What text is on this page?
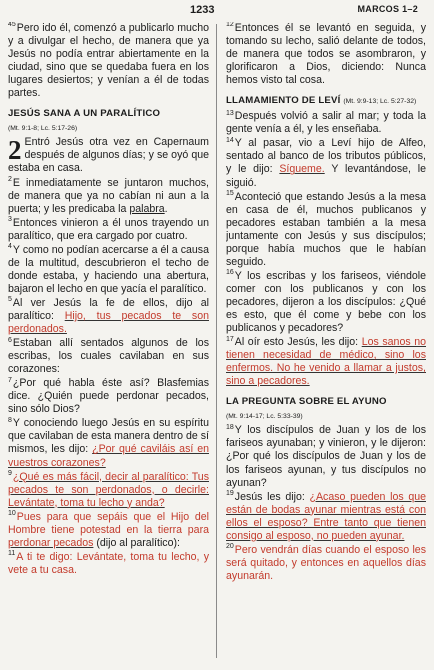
1233	MARCOS 1–2

$^{45}$Pero ido él, comenzó a publicarlo mucho y a divulgar el hecho, de manera que ya Jesús no podía entrar abiertamente en la ciudad, sino que se quedaba fuera en los lugares desiertos; y venían a él de todas partes.

JESÚS SANA A UN PARALÍTICO
(Mt. 9:1-8; Lc. 5:17-26)

2 Entró Jesús otra vez en Capernaum después de algunos días; y se oyó que estaba en casa.

$^2$E inmediatamente se juntaron muchos, de manera que ya no cabían ni aun a la puerta; y les predicaba la palabra.

$^3$Entonces vinieron a él unos trayendo un paralítico, que era cargado por cuatro.

$^4$Y como no podían acercarse a él a causa de la multitud, descubrieron el techo de donde estaba, y haciendo una abertura, bajaron el lecho en que yacía el paralítico.

$^5$Al ver Jesús la fe de ellos, dijo al paralítico: Hijo, tus pecados te son perdonados.

$^6$Estaban allí sentados algunos de los escribas, los cuales cavilaban en sus corazones:

$^7$¿Por qué habla éste así? Blasfemias dice. ¿Quién puede perdonar pecados, sino sólo Dios?

$^8$Y conociendo luego Jesús en su espíritu que cavilaban de esta manera dentro de sí mismos, les dijo: ¿Por qué caviláis así en vuestros corazones?

$^9$¿Qué es más fácil, decir al paralítico: Tus pecados te son perdonados, o decirle: Levántate, toma tu lecho y anda?

$^{10}$Pues para que sepáis que el Hijo del Hombre tiene potestad en la tierra para perdonar pecados (dijo al paralítico):

$^{11}$A ti te digo: Levántate, toma tu lecho, y vete a tu casa.

$^{12}$Entonces él se levantó en seguida, y tomando su lecho, salió delante de todos, de manera que todos se asombraron, y glorificaron a Dios, diciendo: Nunca hemos visto tal cosa.

LLAMAMIENTO DE LEVÍ (Mt. 9:9-13; Lc. 5:27-32)

$^{13}$Después volvió a salir al mar; y toda la gente venía a él, y les enseñaba.

$^{14}$Y al pasar, vio a Leví hijo de Alfeo, sentado al banco de los tributos públicos, y le dijo: Sígueme. Y levantándose, le siguió.

$^{15}$Aconteció que estando Jesús a la mesa en casa de él, muchos publicanos y pecadores estaban también a la mesa juntamente con Jesús y sus discípulos; porque había muchos que le habían seguido.

$^{16}$Y los escribas y los fariseos, viéndole comer con los publicanos y con los pecadores, dijeron a los discípulos: ¿Qué es esto, que él come y bebe con los publicanos y pecadores?

$^{17}$Al oír esto Jesús, les dijo: Los sanos no tienen necesidad de médico, sino los enfermos. No he venido a llamar a justos, sino a pecadores.

LA PREGUNTA SOBRE EL AYUNO
(Mt. 9:14-17; Lc. 5:33-39)

$^{18}$Y los discípulos de Juan y los de los fariseos ayunaban; y vinieron, y le dijeron: ¿Por qué los discípulos de Juan y los de los fariseos ayunan, y tus discípulos no ayunan?

$^{19}$Jesús les dijo: ¿Acaso pueden los que están de bodas ayunar mientras está con ellos el esposo? Entre tanto que tienen consigo al esposo, no pueden ayunar.

$^{20}$Pero vendrán días cuando el esposo les será quitado, y entonces en aquellos días ayunarán.
